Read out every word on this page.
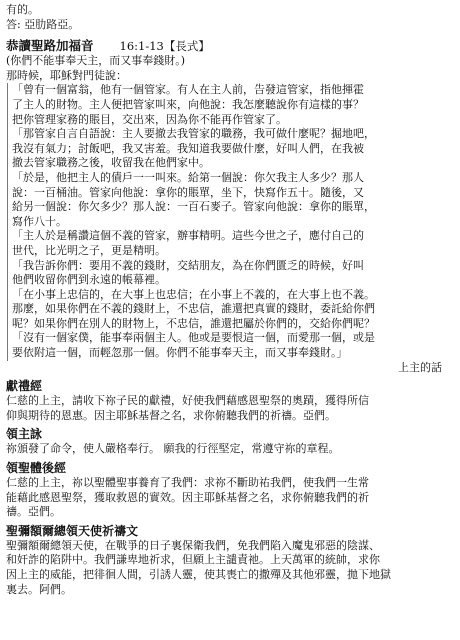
有的。
答: 亞肋路亞。
恭讀聖路加福音 16:1-13【長式】
(你們不能事奉天主，而又事奉錢財。)
那時候，耶穌對門徒說：
「曾有一個富翁，他有一個管家。有人在主人前，告發這管家，指他揮霍
了主人的財物。主人便把管家叫來，向他說：我怎麼聽說你有這樣的事？
把你管理家務的賬目，交出來，因為你不能再作管家了。
「那管家自言自語說：主人要撤去我管家的職務，我可做什麼呢？掘地吧，
我沒有氣力；討飯吧，我又害羞。我知道我要做什麼，好叫人們，在我被
撤去管家職務之後，收留我在他們家中。
「於是，他把主人的債戶一一叫來。給第一個說：你欠我主人多少？那人
說：一百桶油。管家向他說：拿你的賬單，坐下，快寫作五十。隨後，又
給另一個說：你欠多少？那人說：一百石麥子。管家向他說：拿你的賬單，
寫作八十。
「主人於是稱讚這個不義的管家，辦事精明。這些今世之子，應付自己的
世代，比光明之子，更是精明。
「我告訴你們：要用不義的錢財，交結朋友，為在你們匱乏的時候，好叫
他們收留你們到永遠的帳幕裡。
「在小事上忠信的，在大事上也忠信；在小事上不義的，在大事上也不義。
那麼，如果你們在不義的錢財上，不忠信，誰還把真實的錢財，委託給你們
呢？如果你們在別人的財物上，不忠信，誰還把屬於你們的，交給你們呢？
「沒有一個家僕，能事奉兩個主人。他或是要恨這一個，而愛那一個，或是
要依附這一個，而輕忽那一個。你們不能事奉天主，而又事奉錢財。」
上主的話
獻禮經
仁慈的上主，請收下祢子民的獻禮，好使我們藉感恩聖祭的奧蹟，獲得所信
仰與期待的恩惠。因主耶穌基督之名，求你俯聽我們的祈禱。亞們。
領主詠
祢頒發了命令，使人嚴格奉行。 願我的行徑堅定，常遵守祢的章程。
領聖體後經
仁慈的上主，祢以聖體聖事養育了我們：求祢不斷助祐我們，使我們一生常
能藉此感恩聖祭，獲取救恩的實效。因主耶穌基督之名，求你俯聽我們的祈
禱。亞們。
聖彌額爾總領天使祈禱文
聖彌額爾總領天使，在戰爭的日子裏保衛我們，免我們陷入魔鬼邪惡的陰謀、
和奸詐的陷阱中。我們謙卑地祈求，但願上主譴責祂。上天萬軍的統帥，求你
因上主的威能，把徘徊人間，引誘人靈，使其喪亡的撒殫及其他邪靈，拋下地獄
裏去。阿們。
